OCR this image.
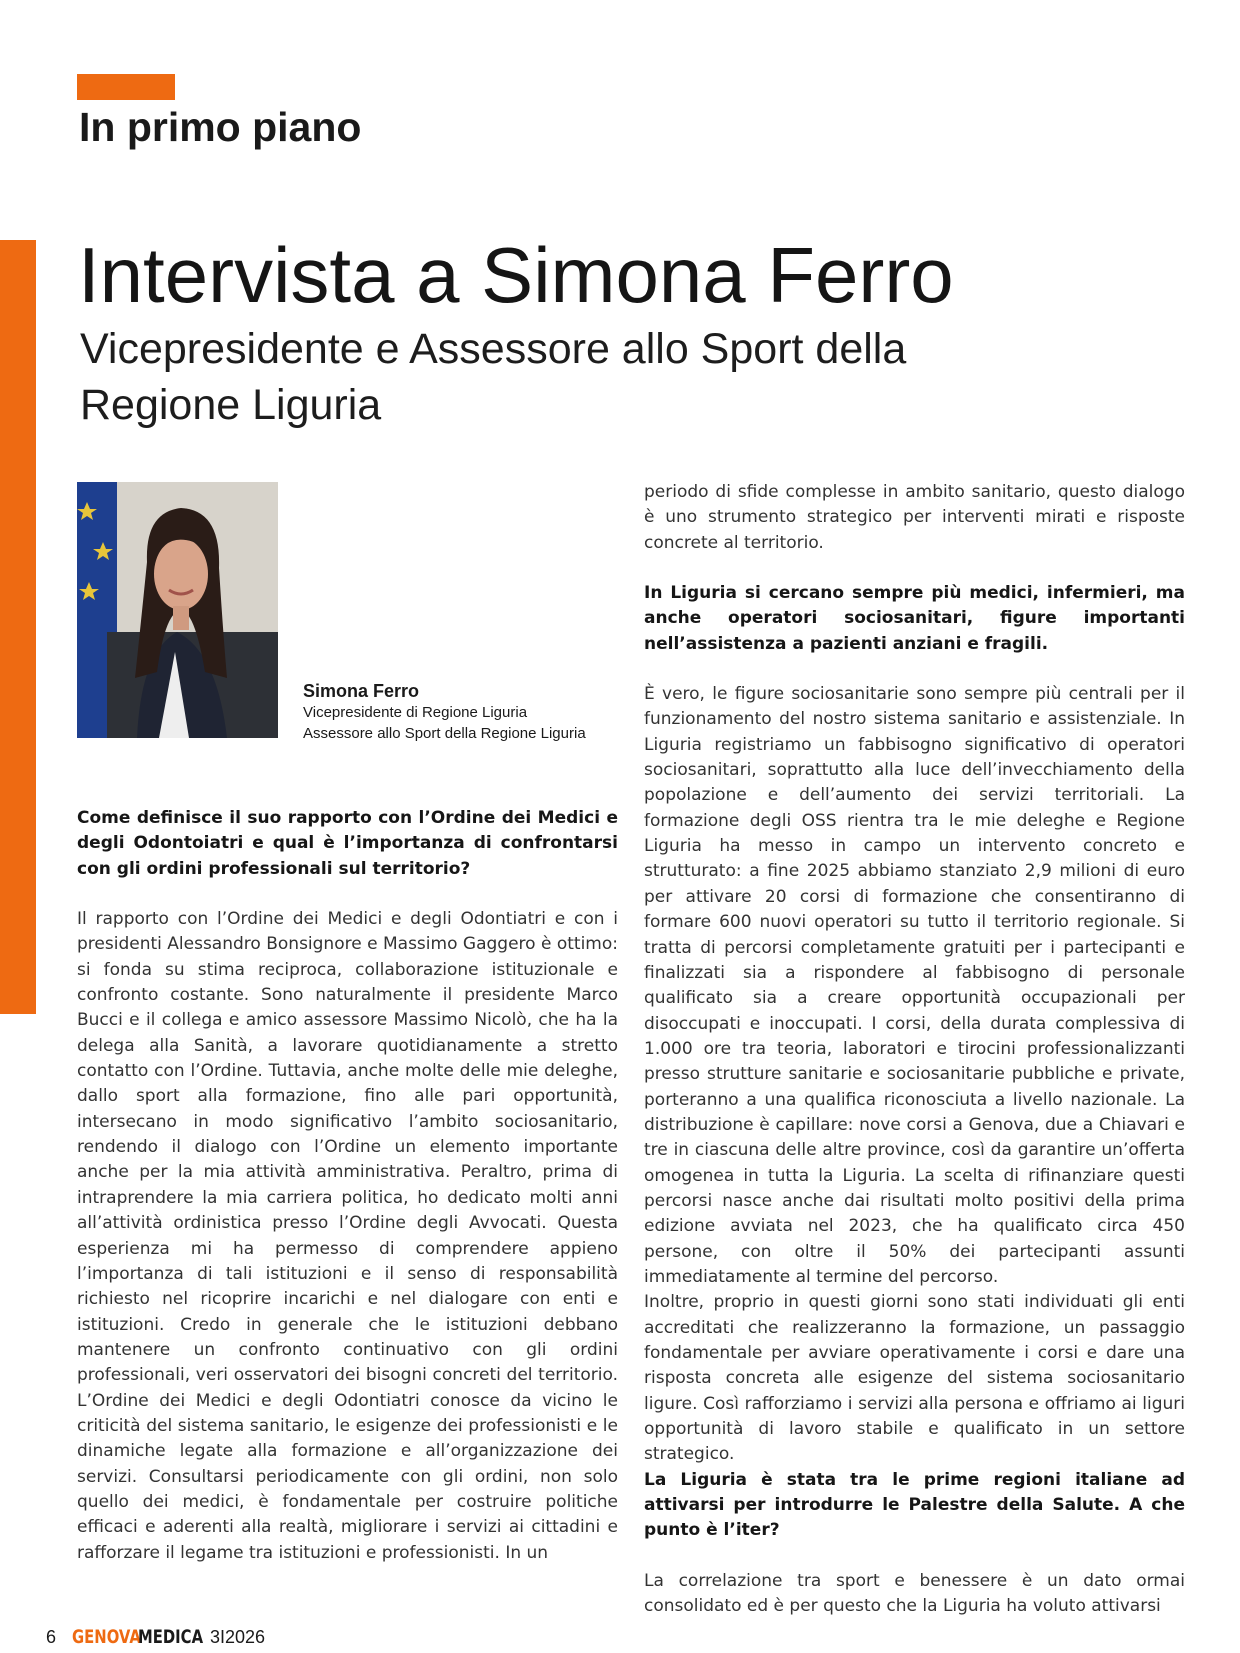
In primo piano
Intervista a Simona Ferro
Vicepresidente e Assessore allo Sport della Regione Liguria
Simona Ferro
Vicepresidente di Regione Liguria
Assessore allo Sport della Regione Liguria

Come definisce il suo rapporto con l’Ordine dei Medici e degli Odontoiatri e qual è l’importanza di confrontarsi con gli ordini professionali sul territorio?

Il rapporto con l’Ordine dei Medici e degli Odontiatri e con i presidenti Alessandro Bonsignore e Massimo Gaggero è ottimo: si fonda su stima reciproca, collaborazione istituzionale e confronto costante. Sono naturalmente il presidente Marco Bucci e il collega e amico assessore Massimo Nicolò, che ha la delega alla Sanità, a lavorare quotidianamente a stretto contatto con l’Ordine. Tuttavia, anche molte delle mie deleghe, dallo sport alla formazione, fino alle pari opportunità, intersecano in modo significativo l’ambito sociosanitario, rendendo il dialogo con l’Ordine un elemento importante anche per la mia attività amministrativa. Peraltro, prima di intraprendere la mia carriera politica, ho dedicato molti anni all’attività ordinistica presso l’Ordine degli Avvocati. Questa esperienza mi ha permesso di comprendere appieno l’importanza di tali istituzioni e il senso di responsabilità richiesto nel ricoprire incarichi e nel dialogare con enti e istituzioni. Credo in generale che le istituzioni debbano mantenere un confronto continuativo con gli ordini professionali, veri osservatori dei bisogni concreti del territorio. L’Ordine dei Medici e degli Odontiatri conosce da vicino le criticità del sistema sanitario, le esigenze dei professionisti e le dinamiche legate alla formazione e all’organizzazione dei servizi. Consultarsi periodicamente con gli ordini, non solo quello dei medici, è fondamentale per costruire politiche efficaci e aderenti alla realtà, migliorare i servizi ai cittadini e rafforzare il legame tra istituzioni e professionisti. In un

periodo di sfide complesse in ambito sanitario, questo dialogo è uno strumento strategico per interventi mirati e risposte concrete al territorio.

In Liguria si cercano sempre più medici, infermieri, ma anche operatori sociosanitari, figure importanti nell’assistenza a pazienti anziani e fragili.

È vero, le figure sociosanitarie sono sempre più centrali per il funzionamento del nostro sistema sanitario e assistenziale. In Liguria registriamo un fabbisogno significativo di operatori sociosanitari, soprattutto alla luce dell’invecchiamento della popolazione e dell’aumento dei servizi territoriali. La formazione degli OSS rientra tra le mie deleghe e Regione Liguria ha messo in campo un intervento concreto e strutturato: a fine 2025 abbiamo stanziato 2,9 milioni di euro per attivare 20 corsi di formazione che consentiranno di formare 600 nuovi operatori su tutto il territorio regionale. Si tratta di percorsi completamente gratuiti per i partecipanti e finalizzati sia a rispondere al fabbisogno di personale qualificato sia a creare opportunità occupazionali per disoccupati e inoccupati. I corsi, della durata complessiva di 1.000 ore tra teoria, laboratori e tirocini professionalizzanti presso strutture sanitarie e sociosanitarie pubbliche e private, porteranno a una qualifica riconosciuta a livello nazionale. La distribuzione è capillare: nove corsi a Genova, due a Chiavari e tre in ciascuna delle altre province, così da garantire un’offerta omogenea in tutta la Liguria. La scelta di rifinanziare questi percorsi nasce anche dai risultati molto positivi della prima edizione avviata nel 2023, che ha qualificato circa 450 persone, con oltre il 50% dei partecipanti assunti immediatamente al termine del percorso.

Inoltre, proprio in questi giorni sono stati individuati gli enti accreditati che realizzeranno la formazione, un passaggio fondamentale per avviare operativamente i corsi e dare una risposta concreta alle esigenze del sistema sociosanitario ligure. Così rafforziamo i servizi alla persona e offriamo ai liguri opportunità di lavoro stabile e qualificato in un settore strategico.

La Liguria è stata tra le prime regioni italiane ad attivarsi per introdurre le Palestre della Salute. A che punto è l’iter?

La correlazione tra sport e benessere è un dato ormai consolidato ed è per questo che la Liguria ha voluto attivarsi

6 GENOVA
MEDICA 3I2026
